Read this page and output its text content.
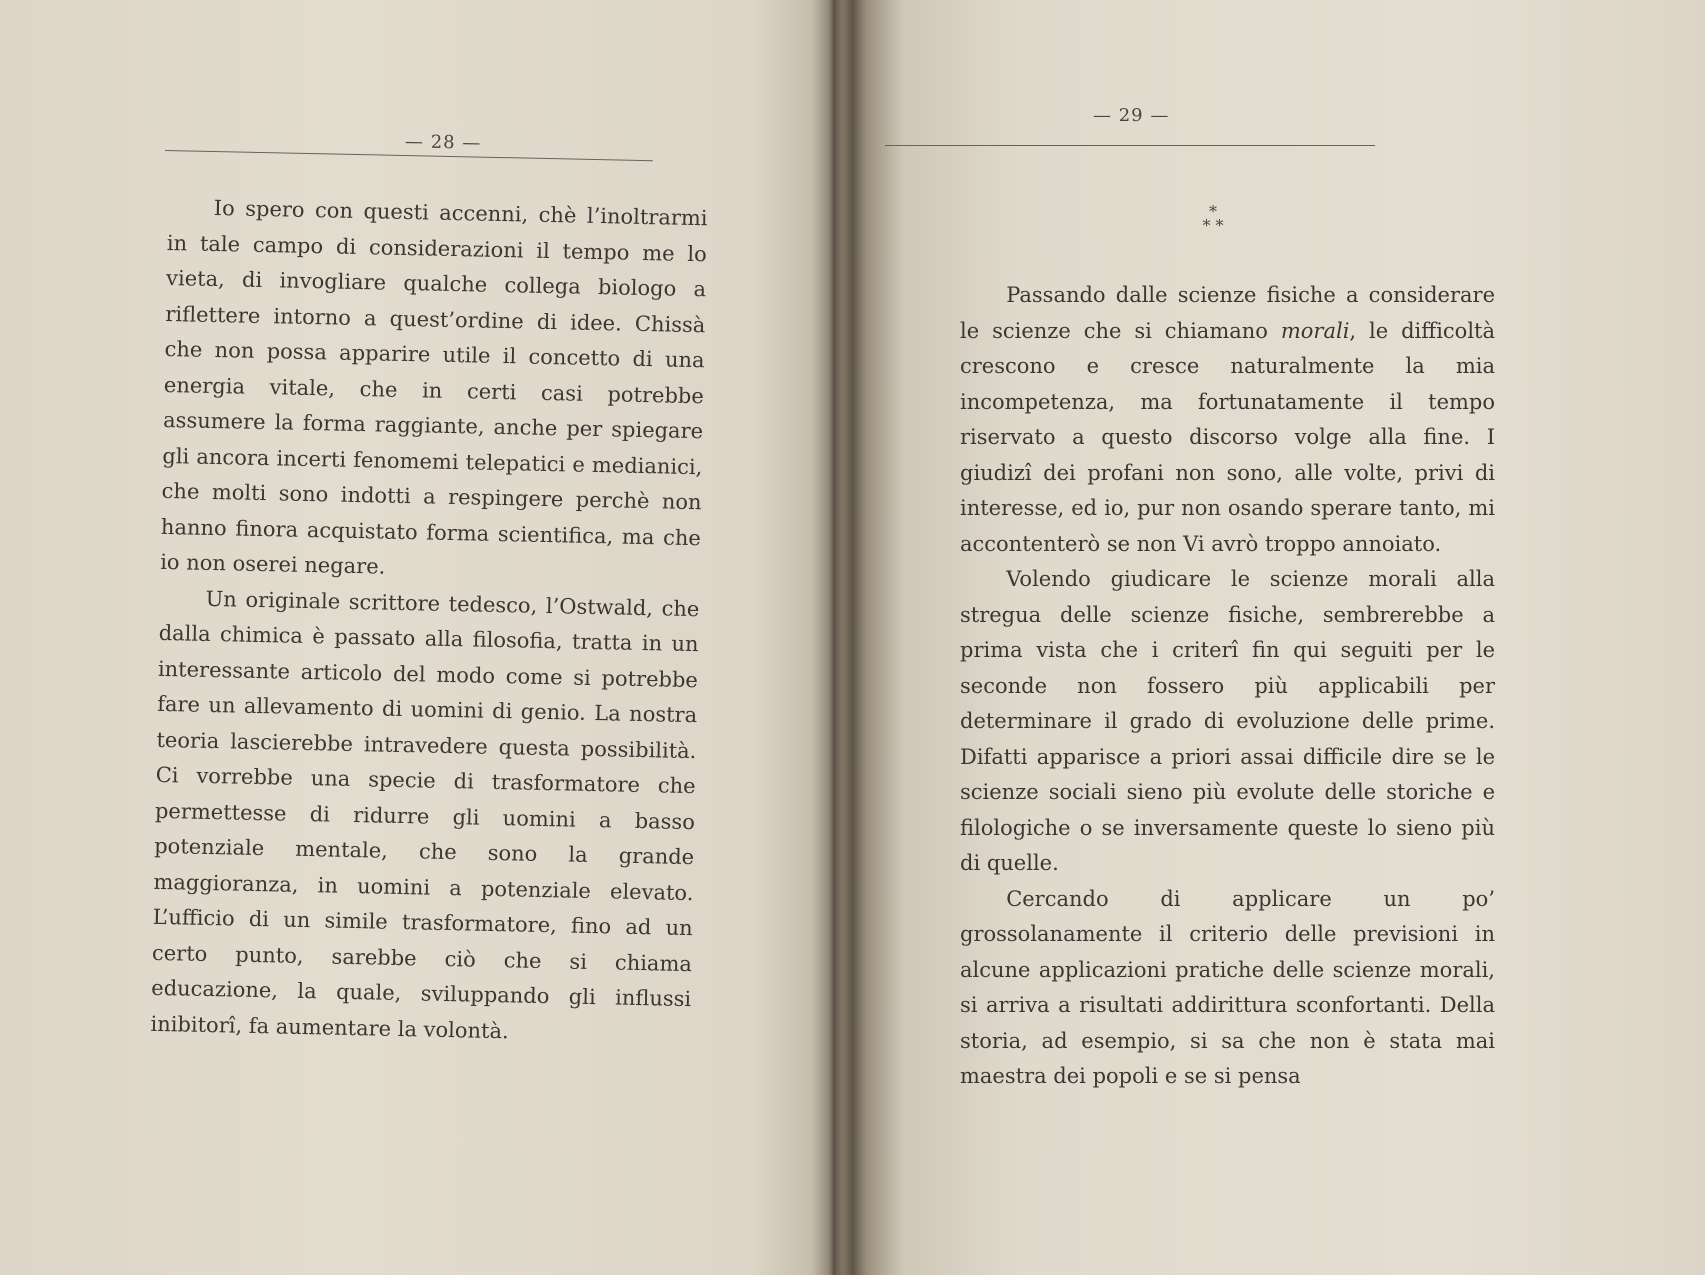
— 28 —

Io spero con questi accenni, chè l’inoltrarmi in tale campo di considerazioni il tempo me lo vieta, di invogliare qualche collega biologo a riflettere intorno a quest’ordine di idee. Chissà che non possa apparire utile il concetto di una energia vitale, che in certi casi potrebbe assumere la forma raggiante, anche per spiegare gli ancora incerti fenomemi telepatici e medianici, che molti sono indotti a respingere perchè non hanno finora acquistato forma scientifica, ma che io non oserei negare.

Un originale scrittore tedesco, l’Ostwald, che dalla chimica è passato alla filosofia, tratta in un interessante articolo del modo come si potrebbe fare un allevamento di uomini di genio. La nostra teoria lascierebbe intravedere questa possibilità. Ci vorrebbe una specie di trasformatore che permettesse di ridurre gli uomini a basso potenziale mentale, che sono la grande maggioranza, in uomini a potenziale elevato. L’ufficio di un simile trasformatore, fino ad un certo punto, sarebbe ciò che si chiama educazione, la quale, sviluppando gli influssi inibitorî, fa aumentare la volontà.

— 29 —
*
* *

Passando dalle scienze fisiche a considerare le scienze che si chiamano morali, le difficoltà crescono e cresce naturalmente la mia incompetenza, ma fortunatamente il tempo riservato a questo discorso volge alla fine. I giudizî dei profani non sono, alle volte, privi di interesse, ed io, pur non osando sperare tanto, mi accontenterò se non Vi avrò troppo annoiato.

Volendo giudicare le scienze morali alla stregua delle scienze fisiche, sembrerebbe a prima vista che i criterî fin qui seguiti per le seconde non fossero più applicabili per determinare il grado di evoluzione delle prime. Difatti apparisce a priori assai difficile dire se le scienze sociali sieno più evolute delle storiche e filologiche o se inversamente queste lo sieno più di quelle.

Cercando di applicare un po’ grossolanamente il criterio delle previsioni in alcune applicazioni pratiche delle scienze morali, si arriva a risultati addirittura sconfortanti. Della storia, ad esempio, si sa che non è stata mai maestra dei popoli e se si pensa
